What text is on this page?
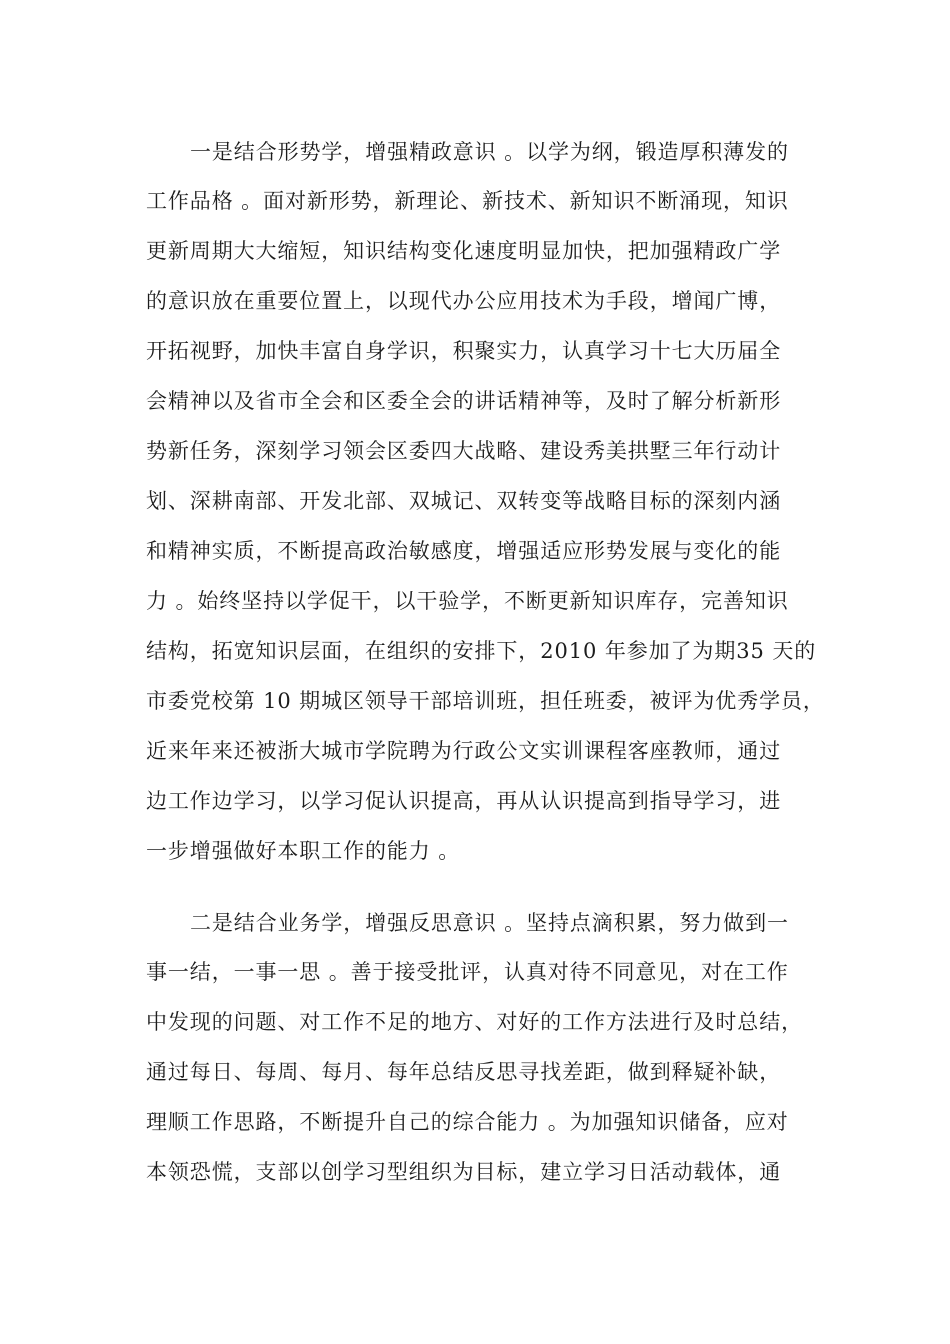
一是结合形势学，增强精政意识 。以学为纲，锻造厚积薄发的
工作品格 。面对新形势，新理论、新技术、新知识不断涌现，知识
更新周期大大缩短，知识结构变化速度明显加快，把加强精政广学
的意识放在重要位置上，以现代办公应用技术为手段，增闻广博，
开拓视野，加快丰富自身学识，积聚实力，认真学习十七大历届全
会精神以及省市全会和区委全会的讲话精神等，及时了解分析新形
势新任务，深刻学习领会区委四大战略、建设秀美拱墅三年行动计
划、深耕南部、开发北部、双城记、双转变等战略目标的深刻内涵
和精神实质，不断提高政治敏感度，增强适应形势发展与变化的能
力 。始终坚持以学促干，以干验学，不断更新知识库存，完善知识
结构，拓宽知识层面，在组织的安排下，2010 年参加了为期35 天的
市委党校第 10 期城区领导干部培训班，担任班委，被评为优秀学员，
近来年来还被浙大城市学院聘为行政公文实训课程客座教师，通过
边工作边学习，以学习促认识提高，再从认识提高到指导学习，进
一步增强做好本职工作的能力 。
二是结合业务学，增强反思意识 。坚持点滴积累，努力做到一
事一结，一事一思 。善于接受批评，认真对待不同意见，对在工作
中发现的问题、对工作不足的地方、对好的工作方法进行及时总结，
通过每日、每周、每月、每年总结反思寻找差距，做到释疑补缺，
理顺工作思路，不断提升自己的综合能力 。为加强知识储备，应对
本领恐慌，支部以创学习型组织为目标，建立学习日活动载体，通
